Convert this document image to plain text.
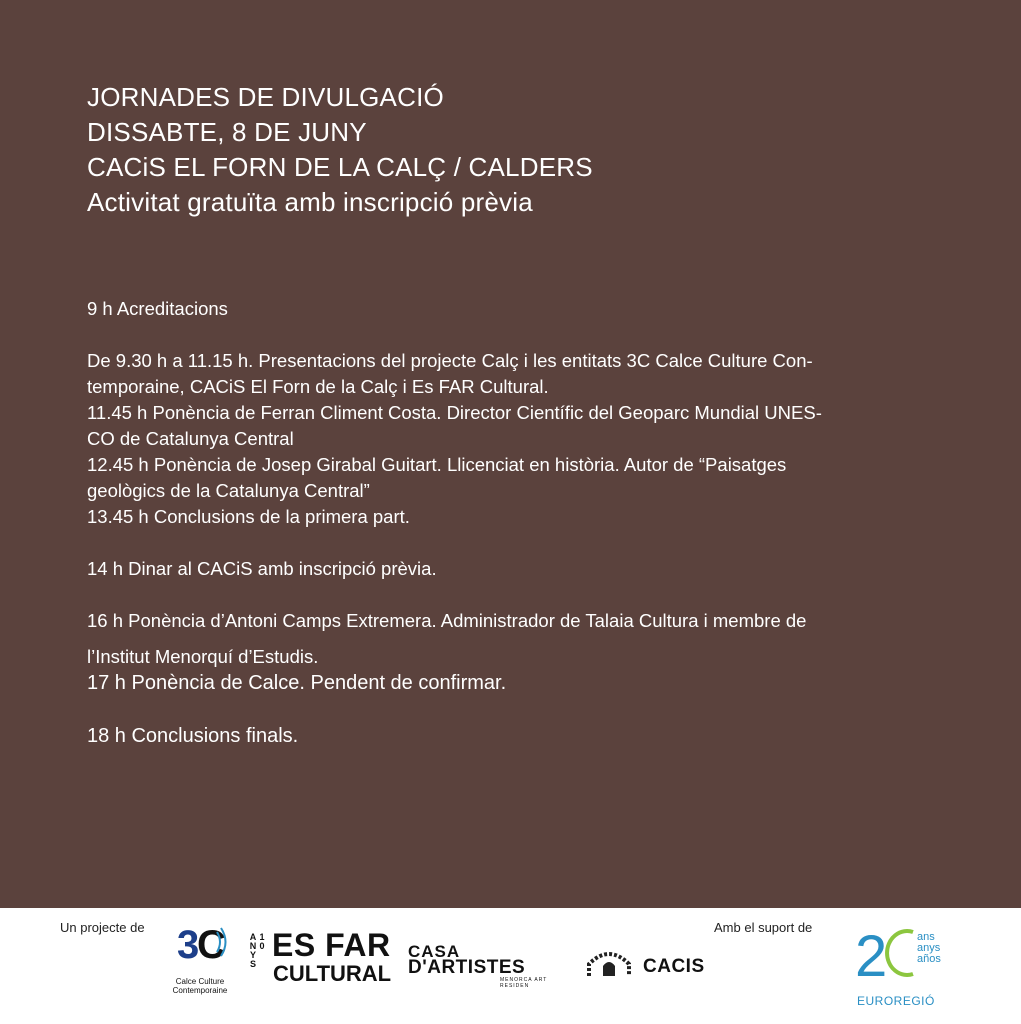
JORNADES DE DIVULGACIÓ
DISSABTE, 8 DE JUNY
CACiS EL FORN DE LA CALÇ / CALDERS
Activitat gratuïta amb inscripció prèvia
9 h Acreditacions
De 9.30 h a 11.15 h. Presentacions del projecte Calç i les entitats 3C Calce Culture Con-
temporaine, CACiS El Forn de la Calç i Es FAR Cultural.
11.45 h Ponència de Ferran Climent Costa. Director Científic del Geoparc Mundial UNES-
CO de Catalunya Central
12.45 h Ponència de Josep Girabal Guitart. Llicenciat en història. Autor de “Paisatges
geològics de la Catalunya Central”
13.45 h Conclusions de la primera part.
14 h Dinar al CACiS amb inscripció prèvia.
16 h Ponència d’Antoni Camps Extremera. Administrador de Talaia Cultura i membre de
l’Institut Menorquí d’Estudis.
17 h Ponència de Calce. Pendent de confirmar.
18 h Conclusions finals.
Un projecte de 3
C
Calce Culture
Contemporaine
10 ANYS ES FAR
CULTURAL
CASA
D'ARTISTES
MENORCA ART RESIDEN
CACIS
Amb el suport de 2	ans
anys
años
EUROREGIÓ
